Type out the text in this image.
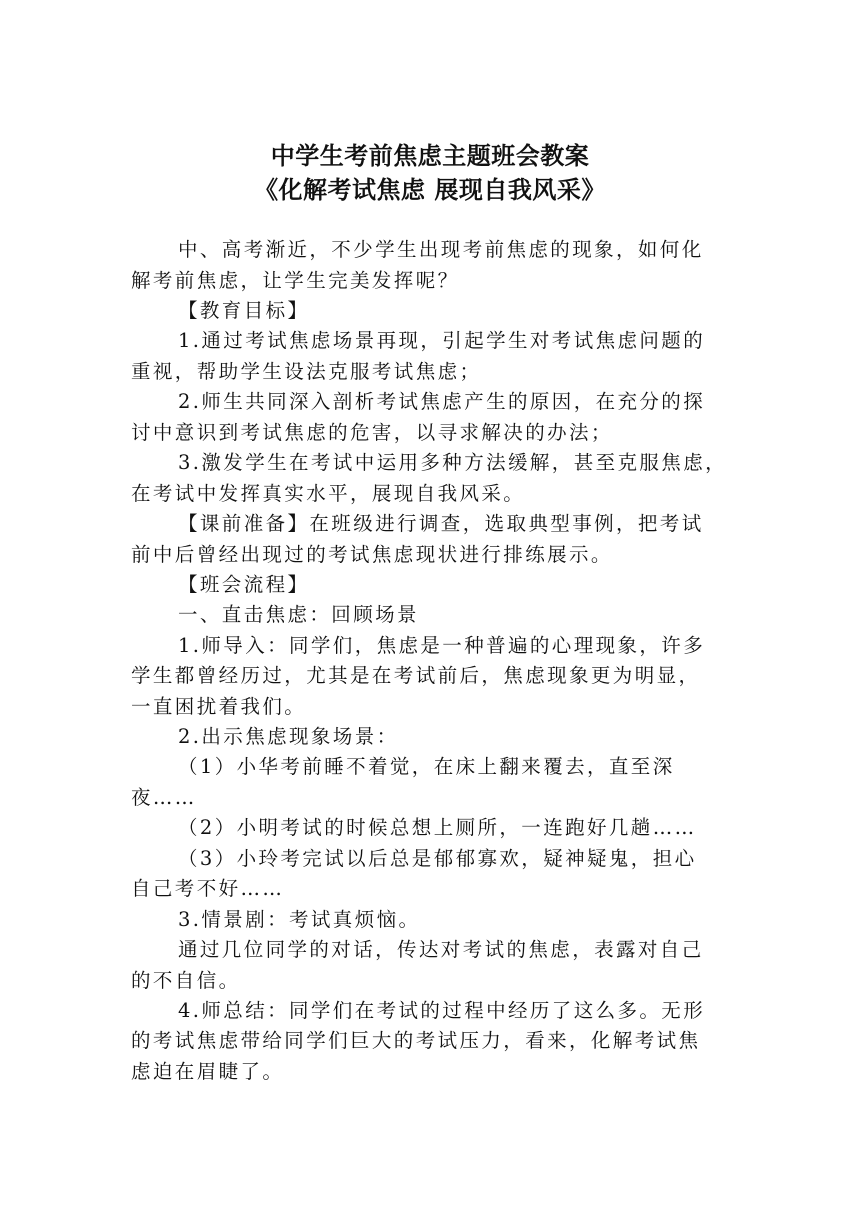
中学生考前焦虑主题班会教案
《化解考试焦虑 展现自我风采》
中、高考渐近，不少学生出现考前焦虑的现象，如何化
解考前焦虑，让学生完美发挥呢？
【教育目标】
1.通过考试焦虑场景再现，引起学生对考试焦虑问题的
重视，帮助学生设法克服考试焦虑；
2.师生共同深入剖析考试焦虑产生的原因，在充分的探
讨中意识到考试焦虑的危害，以寻求解决的办法；
3.激发学生在考试中运用多种方法缓解，甚至克服焦虑，
在考试中发挥真实水平，展现自我风采。
【课前准备】在班级进行调查，选取典型事例，把考试
前中后曾经出现过的考试焦虑现状进行排练展示。
【班会流程】
一、直击焦虑：回顾场景
1.师导入：同学们，焦虑是一种普遍的心理现象，许多
学生都曾经历过，尤其是在考试前后，焦虑现象更为明显，
一直困扰着我们。
2.出示焦虑现象场景：
（1）小华考前睡不着觉，在床上翻来覆去，直至深
夜……
（2）小明考试的时候总想上厕所，一连跑好几趟……
（3）小玲考完试以后总是郁郁寡欢，疑神疑鬼，担心
自己考不好……
3.情景剧：考试真烦恼。
通过几位同学的对话，传达对考试的焦虑，表露对自己
的不自信。
4.师总结：同学们在考试的过程中经历了这么多。无形
的考试焦虑带给同学们巨大的考试压力，看来，化解考试焦
虑迫在眉睫了。
